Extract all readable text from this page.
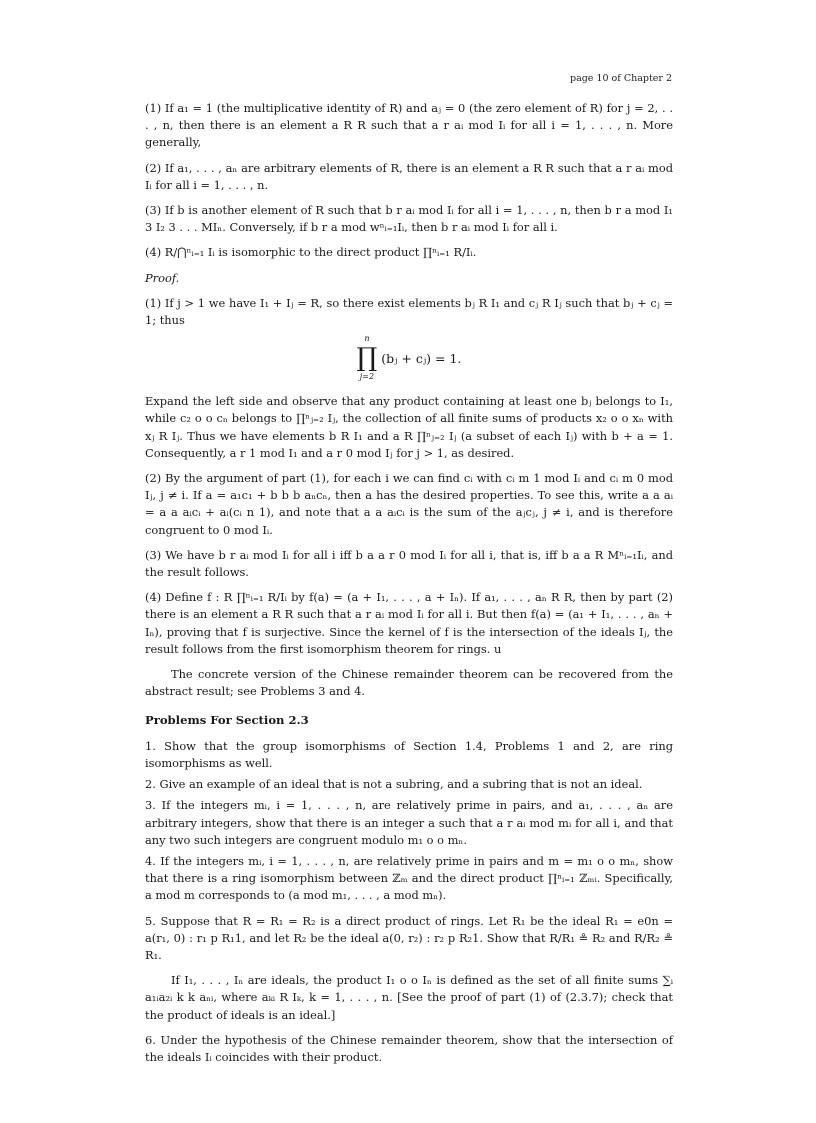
page 10 of Chapter 2

(1) If a₁ = 1 (the multiplicative identity of R) and aⱼ = 0 (the zero element of R) for j = 2, . . . , n, then there is an element a R R such that a r aᵢ mod Iᵢ for all i = 1, . . . , n. More generally,

(2) If a₁, . . . , aₙ are arbitrary elements of R, there is an element a R R such that a r aᵢ mod Iᵢ for all i = 1, . . . , n.

(3) If b is another element of R such that b r aᵢ mod Iᵢ for all i = 1, . . . , n, then b r a mod I₁ 3 I₂ 3 . . . MIₙ. Conversely, if b r a mod wⁿᵢ₌₁Iᵢ, then b r aᵢ mod Iᵢ for all i.

(4) R/⋂ⁿᵢ₌₁ Iᵢ is isomorphic to the direct product ∏ⁿᵢ₌₁ R/Iᵢ.

Proof.

(1) If j > 1 we have I₁ + Iⱼ = R, so there exist elements bⱼ R I₁ and cⱼ R Iⱼ such that bⱼ + cⱼ = 1; thus

n
∏
j=2
(bⱼ + cⱼ) = 1.

Expand the left side and observe that any product containing at least one bⱼ belongs to I₁, while c₂ o o cₙ belongs to ∏ⁿⱼ₌₂ Iⱼ, the collection of all finite sums of products x₂ o o xₙ with xⱼ R Iⱼ. Thus we have elements b R I₁ and a R ∏ⁿⱼ₌₂ Iⱼ (a subset of each Iⱼ) with b + a = 1. Consequently, a r 1 mod I₁ and a r 0 mod Iⱼ for j > 1, as desired.

(2) By the argument of part (1), for each i we can find cᵢ with cᵢ m 1 mod Iᵢ and cᵢ m 0 mod Iⱼ, j ≠ i. If a = a₁c₁ + b b b aₙcₙ, then a has the desired properties. To see this, write a a aᵢ = a a aᵢcᵢ + aᵢ(cᵢ n 1), and note that a a aᵢcᵢ is the sum of the aⱼcⱼ, j ≠ i, and is therefore congruent to 0 mod Iᵢ.

(3) We have b r aᵢ mod Iᵢ for all i iff b a a r 0 mod Iᵢ for all i, that is, iff b a a R Mⁿᵢ₌₁Iᵢ, and the result follows.

(4) Define f : R ∏ⁿᵢ₌₁ R/Iᵢ by f(a) = (a + I₁, . . . , a + Iₙ). If a₁, . . . , aₙ R R, then by part (2) there is an element a R R such that a r aᵢ mod Iᵢ for all i. But then f(a) = (a₁ + I₁, . . . , aₙ + Iₙ), proving that f is surjective. Since the kernel of f is the intersection of the ideals Iⱼ, the result follows from the first isomorphism theorem for rings. u

The concrete version of the Chinese remainder theorem can be recovered from the abstract result; see Problems 3 and 4.

Problems For Section 2.3

1. Show that the group isomorphisms of Section 1.4, Problems 1 and 2, are ring isomorphisms as well.

2. Give an example of an ideal that is not a subring, and a subring that is not an ideal.

3. If the integers mᵢ, i = 1, . . . , n, are relatively prime in pairs, and a₁, . . . , aₙ are arbitrary integers, show that there is an integer a such that a r aᵢ mod mᵢ for all i, and that any two such integers are congruent modulo m₁ o o mₙ.

4. If the integers mᵢ, i = 1, . . . , n, are relatively prime in pairs and m = m₁ o o mₙ, show that there is a ring isomorphism between ℤₘ and the direct product ∏ⁿᵢ₌₁ ℤₘᵢ. Specifically, a mod m corresponds to (a mod m₁, . . . , a mod mₙ).

5. Suppose that R = R₁ = R₂ is a direct product of rings. Let R₁ be the ideal R₁ = e0n = a(r₁, 0) : r₁ p R₁1, and let R₂ be the ideal a(0, r₂) : r₂ p R₂1. Show that R/R₁ ≗ R₂ and R/R₂ ≗ R₁.

If I₁, . . . , Iₙ are ideals, the product I₁ o o Iₙ is defined as the set of all finite sums ∑ᵢ a₁ᵢa₂ᵢ k k aₙᵢ, where aₖᵢ R Iₖ, k = 1, . . . , n. [See the proof of part (1) of (2.3.7); check that the product of ideals is an ideal.]

6. Under the hypothesis of the Chinese remainder theorem, show that the intersection of the ideals Iᵢ coincides with their product.
